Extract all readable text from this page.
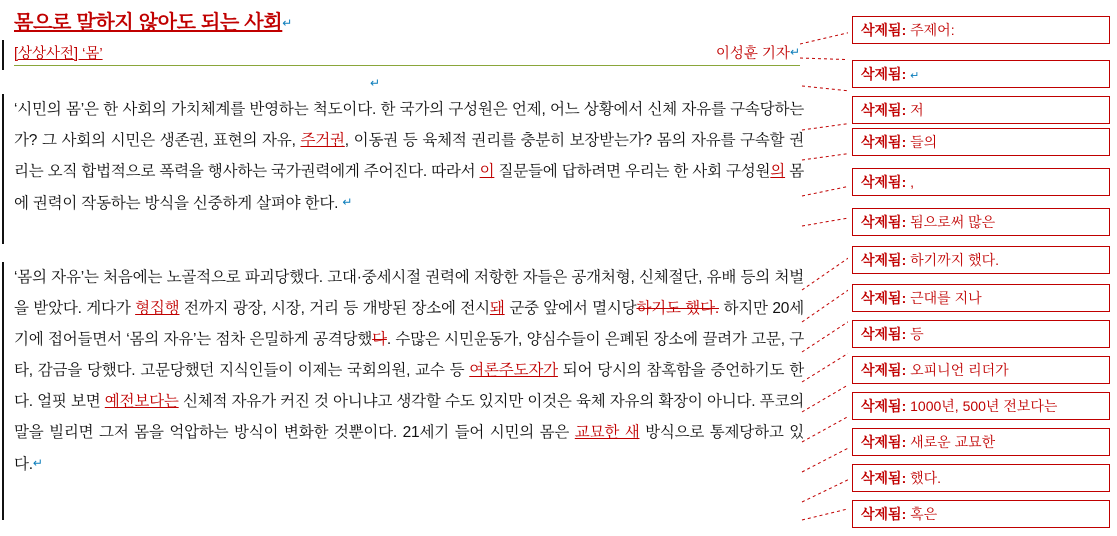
몸으로 말하지 않아도 되는 사회↵
이성훈 기자↵
[상상사전] ‘몸’
↵
‘시민의 몸’은 한 사회의 가치체계를 반영하는 척도이다. 한 국가의 구성원은 언제, 어느 상황에서 신체 자유를 구속당하는가? 그 사회의 시민은 생존권, 표현의 자유, 주거권, 이동권 등 육체적 권리를 충분히 보장받는가? 몸의 자유를 구속할 권리는 오직 합법적으로 폭력을 행사하는 국가권력에게 주어진다. 따라서 이 질문들에 답하려면 우리는 한 사회 구성원의 몸에 권력이 작동하는 방식을 신중하게 살펴야 한다. ↵
‘몸의 자유’는 처음에는 노골적으로 파괴당했다. 고대·중세시절 권력에 저항한 자들은 공개처형, 신체절단, 유배 등의 처벌을 받았다. 게다가 형집행 전까지 광장, 시장, 거리 등 개방된 장소에 전시돼 군중 앞에서 멸시당하기도 했다. 하지만 20세기에 접어들면서 ‘몸의 자유’는 점차 은밀하게 공격당했다. 수많은 시민운동가, 양심수들이 은폐된 장소에 끌려가 고문, 구타, 감금을 당했다. 고문당했던 지식인들이 이제는 국회의원, 교수 등 여론주도자가 되어 당시의 참혹함을 증언하기도 한다. 얼핏 보면 예전보다는 신체적 자유가 커진 것 아니냐고 생각할 수도 있지만 이것은 육체 자유의 확장이 아니다. 푸코의 말을 빌리면 그저 몸을 억압하는 방식이 변화한 것뿐이다. 21세기 들어 시민의 몸은 교묘한 새 방식으로 통제당하고 있다.↵
삭제됨: 주제어:
삭제됨: ↵
삭제됨: 저
삭제됨: 들의
삭제됨: ,
삭제됨: 됨으로써 많은
삭제됨: 하기까지 했다.
삭제됨: 근대를 지나
삭제됨: 등
삭제됨: 오피니언 리더가
삭제됨: 1000년, 500년 전보다는
삭제됨: 새로운 교묘한
삭제됨: 했다.
삭제됨: 혹은
